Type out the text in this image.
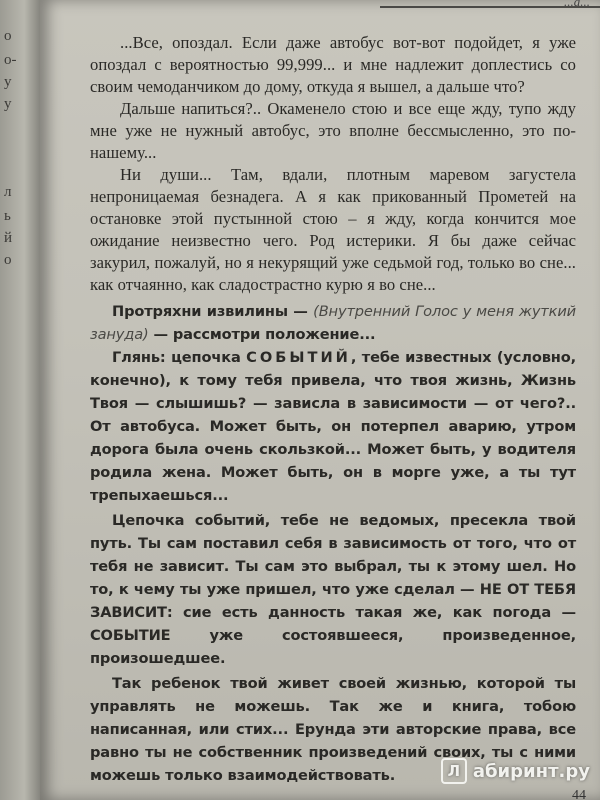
о
о-
у
у
л
ь
й
о
...а...

...Все, опоздал. Если даже автобус вот-вот подойдет, я уже опоздал с вероятностью 99,999... и мне надлежит доплестись со своим чемоданчиком до дому, откуда я вышел, а дальше что?

Дальше напиться?.. Окаменело стою и все еще жду, тупо жду мне уже не нужный автобус, это вполне бессмысленно, это по-нашему...

Ни души... Там, вдали, плотным маревом загустела непроницаемая безнадега. А я как прикованный Прометей на остановке этой пустынной стою – я жду, когда кончится мое ожидание неизвестно чего. Род истерики. Я бы даже сейчас закурил, пожалуй, но я некурящий уже седьмой год, только во сне... как отчаянно, как сладострастно курю я во сне...

Протряхни извилины — (Внутренний Голос у меня жуткий зануда) — рассмотри положение...

Глянь: цепочка СОБЫТИЙ, тебе известных (условно, конечно), к тому тебя привела, что твоя жизнь, Жизнь Твоя — слышишь? — зависла в зависимости — от чего?.. От автобуса. Может быть, он потерпел аварию, утром дорога была очень скользкой... Может быть, у водителя родила жена. Может быть, он в морге уже, а ты тут трепыхаешься...

Цепочка событий, тебе не ведомых, пресекла твой путь. Ты сам поставил себя в зависимость от того, что от тебя не зависит. Ты сам это выбрал, ты к этому шел. Но то, к чему ты уже пришел, что уже сделал — НЕ ОТ ТЕБЯ ЗАВИСИТ: сие есть данность такая же, как погода — СОБЫТИЕ уже состоявшееся, произведенное, произошедшее.

Так ребенок твой живет своей жизнью, которой ты управлять не можешь. Так же и книга, тобою написанная, или стих... Ерунда эти авторские права, все равно ты не собственник произведений своих, ты с ними можешь только взаимодействовать.	Л абиринт.ру
44
